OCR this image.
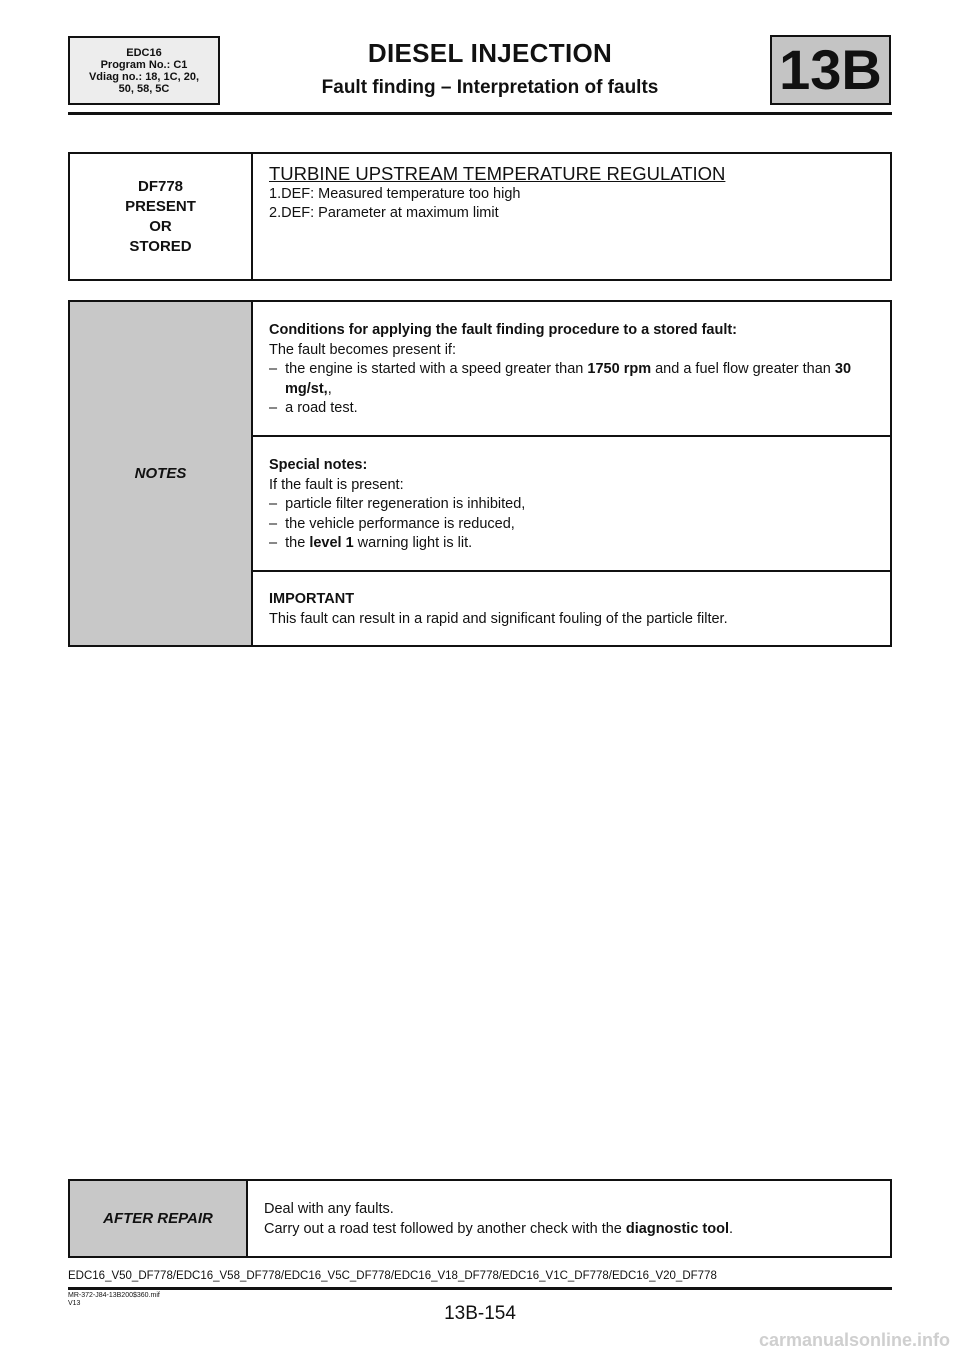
EDC16
Program No.: C1
Vdiag no.: 18, 1C, 20,
50, 58, 5C
DIESEL INJECTION
Fault finding – Interpretation of faults	13B
DF778
PRESENT
OR
STORED
TURBINE UPSTREAM TEMPERATURE REGULATION
1.DEF: Measured temperature too high
2.DEF: Parameter at maximum limit
NOTES
Conditions for applying the fault finding procedure to a stored fault:
The fault becomes present if:
–  the engine is started with a speed greater than 1750 rpm and a fuel flow greater than 30 mg/st,,
–  a road test.
Special notes:
If the fault is present:
–  particle filter regeneration is inhibited,
–  the vehicle performance is reduced,
–  the level 1 warning light is lit.
IMPORTANT
This fault can result in a rapid and significant fouling of the particle filter.
AFTER REPAIR
Deal with any faults.
Carry out a road test followed by another check with the diagnostic tool.
EDC16_V50_DF778/EDC16_V58_DF778/EDC16_V5C_DF778/EDC16_V18_DF778/EDC16_V1C_DF778/EDC16_V20_DF778
MR-372-J84-13B200$360.mif
V13	13B-154
carmanualsonline.info
